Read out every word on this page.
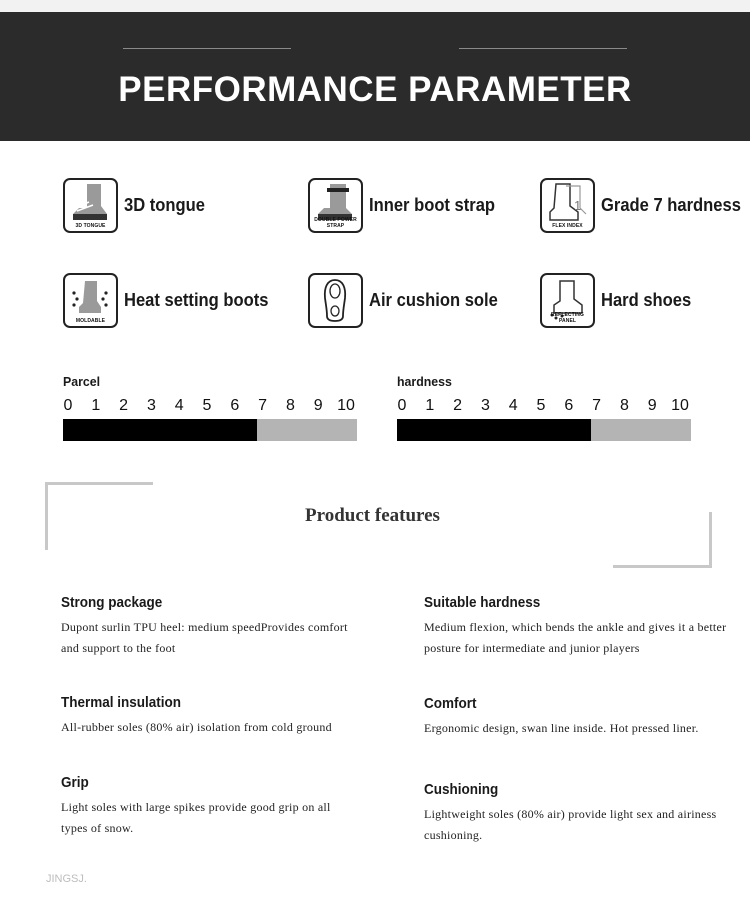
PERFORMANCE PARAMETER
3D TONGUE
3D tongue
DOUBLE POWER STRAP
Inner boot strap	1
FLEX INDEX
Grade 7 hardness
MOLDABLE
Heat setting boots	Air cushion sole
REFLECTING PANEL
Hard shoes
Parcel
0 1 2 3 4 5 6 7 8 9 10
hardness
0 1 2 3 4 5 6 7 8 9 10
Product features
Strong package
Dupont surlin TPU heel: medium speedProvides comfort and support to the foot
Suitable hardness
Medium flexion, which bends the ankle and gives it a better posture for intermediate and junior players
Thermal insulation
All-rubber soles (80% air) isolation from cold ground
Comfort
Ergonomic design, swan line inside. Hot pressed liner.
Grip
Light soles with large spikes provide good grip on all types of snow.
Cushioning
Lightweight soles (80% air) provide light sex and airiness cushioning.
JINGSJ.
